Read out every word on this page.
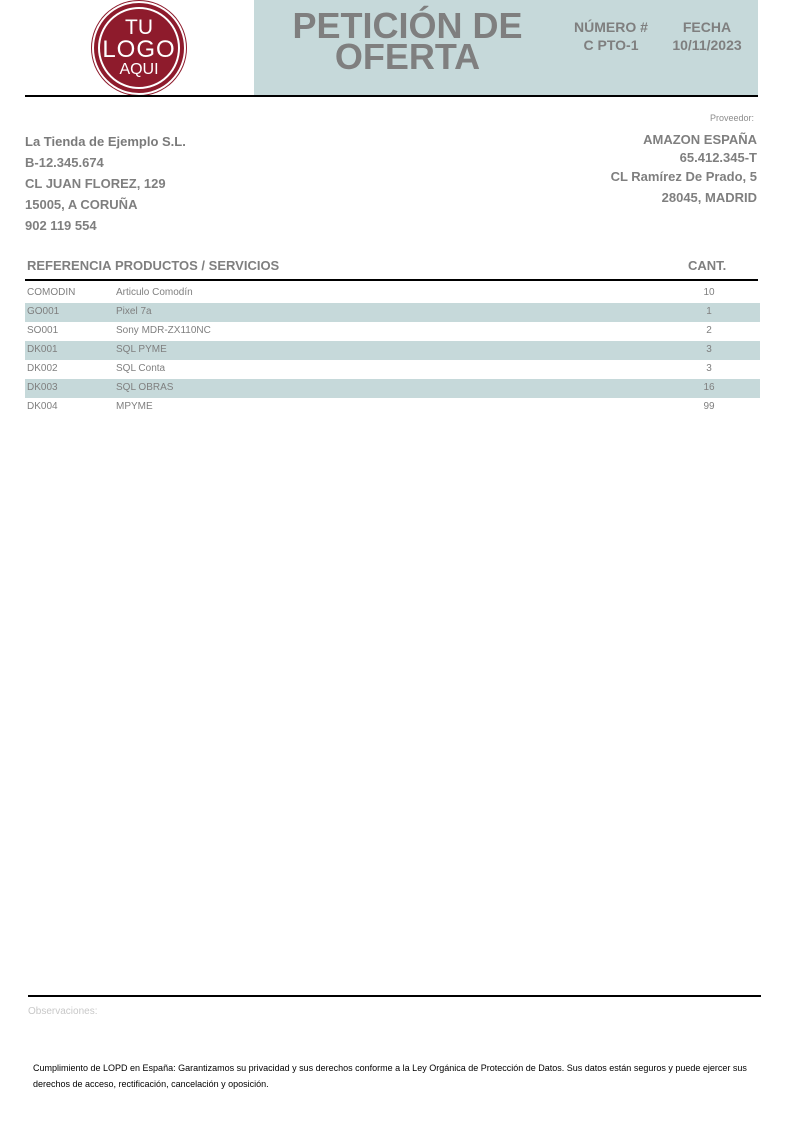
TU
LOGO
AQUI
PETICIÓN DE
OFERTA
NÚMERO #
C PTO-1
FECHA
10/11/2023
La Tienda de Ejemplo S.L.
B-12.345.674
CL JUAN FLOREZ, 129
15005, A CORUÑA
902 119 554
Proveedor:
AMAZON ESPAÑA
65.412.345-T
CL Ramírez De Prado, 5
28045, MADRID
REFERENCIA PRODUCTOS / SERVICIOS	CANT.
COMODIN	Articulo Comodín	10
GO001	Pixel 7a	1
SO001	Sony MDR-ZX110NC	2
DK001	SQL PYME	3
DK002	SQL Conta	3
DK003	SQL OBRAS	16
DK004	MPYME	99
Observaciones:
Cumplimiento de LOPD en España: Garantizamos su privacidad y sus derechos conforme a la Ley Orgánica de Protección de Datos. Sus datos están seguros y puede ejercer sus
derechos de acceso, rectificación, cancelación y oposición.
